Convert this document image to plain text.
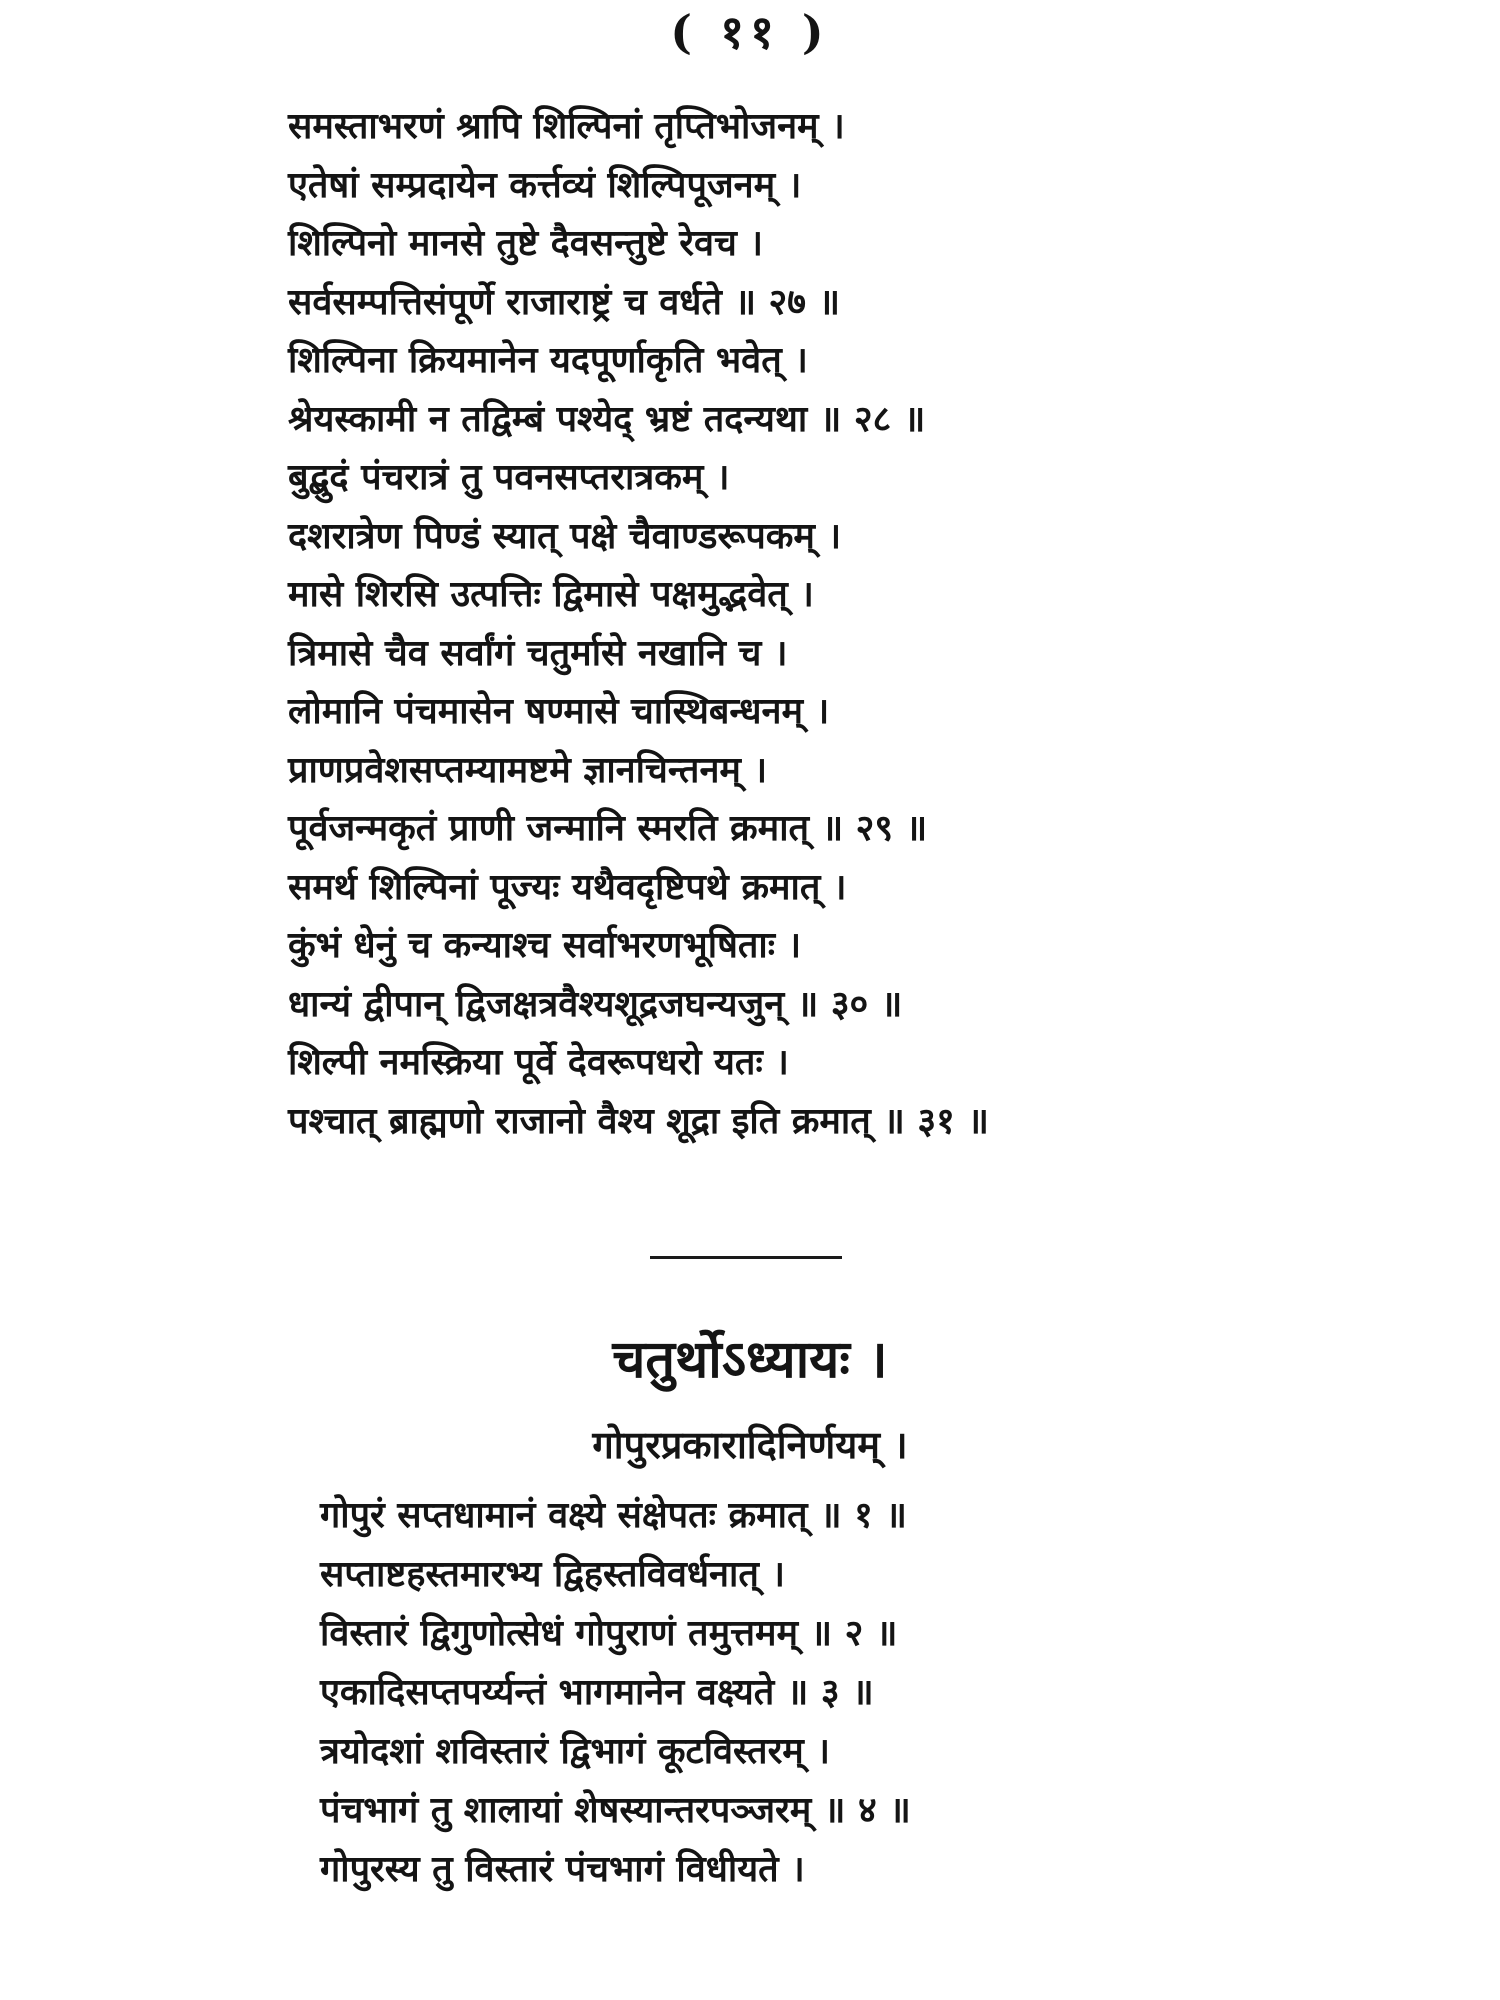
( ११ )
समस्ताभरणं श्रापि शिल्पिनां तृप्तिभोजनम् ।
एतेषां सम्प्रदायेन कर्त्तव्यं शिल्पिपूजनम् ।
शिल्पिनो मानसे तुष्टे दैवसन्तुष्टे रेवच ।
सर्वसम्पत्तिसंपूर्णे राजाराष्ट्रं च वर्धते ॥ २७ ॥
शिल्पिना क्रियमानेन यदपूर्णाकृति भवेत् ।
श्रेयस्कामी न तद्विम्बं पश्येद् भ्रष्टं तदन्यथा ॥ २८ ॥
बुद्बुदं पंचरात्रं तु पवनसप्तरात्रकम् ।
दशरात्रेण पिण्डं स्यात् पक्षे चैवाण्डरूपकम् ।
मासे शिरसि उत्पत्तिः द्विमासे पक्षमुद्भवेत् ।
त्रिमासे चैव सर्वांगं चतुर्मासे नखानि च ।
लोमानि पंचमासेन षण्मासे चास्थिबन्धनम् ।
प्राणप्रवेशसप्तम्यामष्टमे ज्ञानचिन्तनम् ।
पूर्वजन्मकृतं प्राणी जन्मानि स्मरति क्रमात् ॥ २९ ॥
समर्थ शिल्पिनां पूज्यः यथैवदृष्टिपथे क्रमात् ।
कुंभं धेनुं च कन्याश्च सर्वाभरणभूषिताः ।
धान्यं द्वीपान् द्विजक्षत्रवैश्यशूद्रजघन्यजुन् ॥ ३० ॥
शिल्पी नमस्क्रिया पूर्वे देवरूपधरो यतः ।
पश्चात् ब्राह्मणो राजानो वैश्य शूद्रा इति क्रमात् ॥ ३१ ॥
चतुर्थोऽध्यायः ।
गोपुरप्रकारादिनिर्णयम् ।
गोपुरं सप्तधामानं वक्ष्ये संक्षेपतः क्रमात् ॥ १ ॥
सप्ताष्टहस्तमारभ्य द्विहस्तविवर्धनात् ।
विस्तारं द्विगुणोत्सेधं गोपुराणं तमुत्तमम् ॥ २ ॥
एकादिसप्तपर्य्यन्तं भागमानेन वक्ष्यते ॥ ३ ॥
त्रयोदशां शविस्तारं द्विभागं कूटविस्तरम् ।
पंचभागं तु शालायां शेषस्यान्तरपञ्जरम् ॥ ४ ॥
गोपुरस्य तु विस्तारं पंचभागं विधीयते ।
